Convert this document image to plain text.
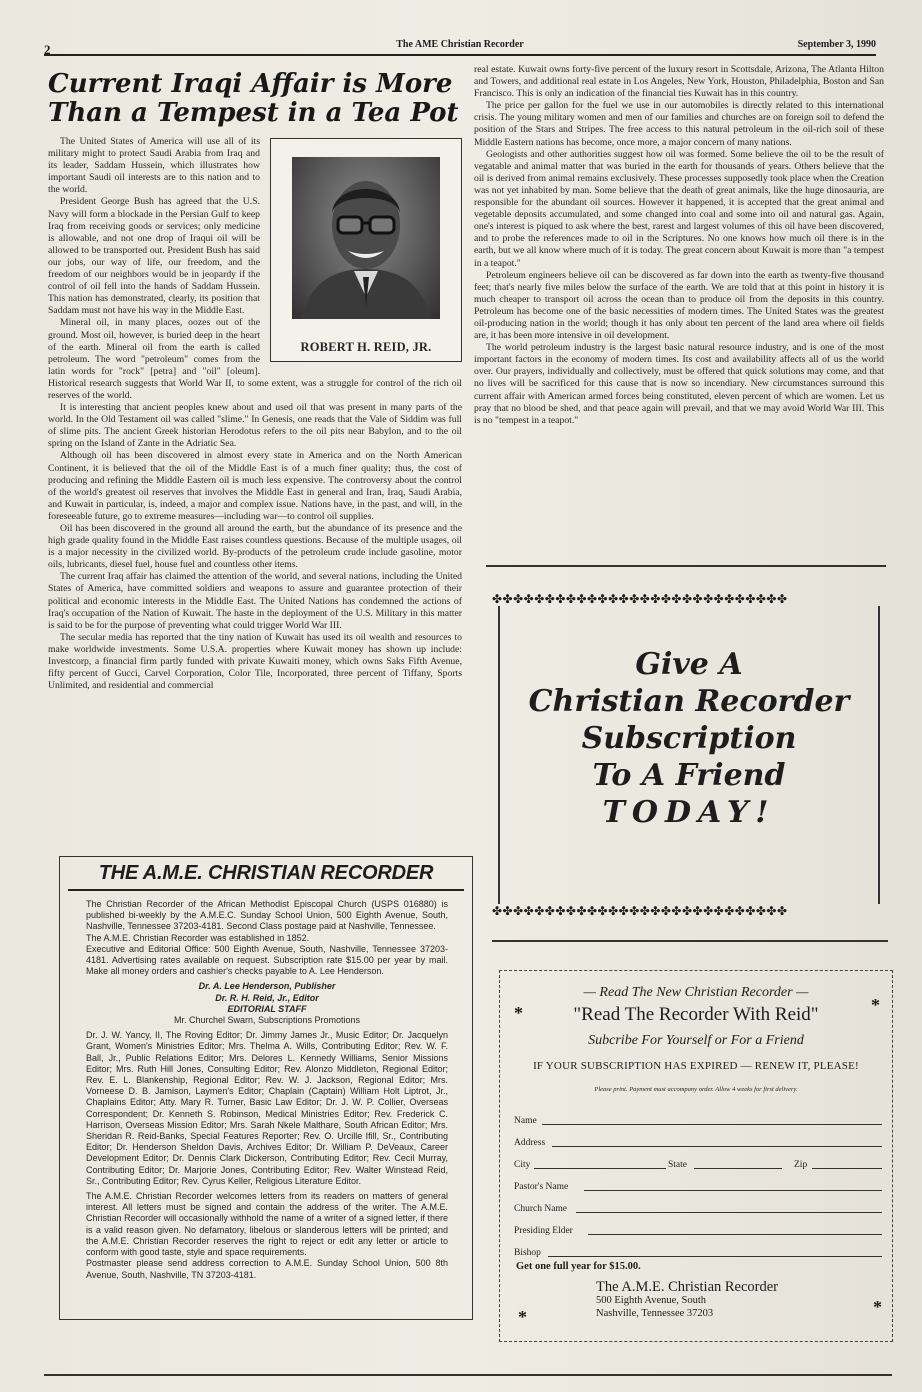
2	The AME Christian Recorder	September 3, 1990
Current Iraqi Affair is More
Than a Tempest in a Tea Pot
ROBERT H. REID, JR.

The United States of America will use all of its military might to protect Saudi Arabia from Iraq and its leader, Saddam Hussein, which illustrates how important Saudi oil interests are to this nation and to the world.

President George Bush has agreed that the U.S. Navy will form a blockade in the Persian Gulf to keep Iraq from receiving goods or services; only medicine is allowable, and not one drop of Iraqui oil will be allowed to be transported out. President Bush has said our jobs, our way of life, our freedom, and the freedom of our neighbors would be in jeopardy if the control of oil fell into the hands of Saddam Hussein. This nation has demonstrated, clearly, its position that Saddam must not have his way in the Middle East.

Mineral oil, in many places, oozes out of the ground. Most oil, however, is buried deep in the heart of the earth. Mineral oil from the earth is called petroleum. The word "petroleum" comes from the latin words for "rock" [petra] and "oil" [oleum]. Historical research suggests that World War II, to some extent, was a struggle for control of the rich oil reserves of the world.

It is interesting that ancient peoples knew about and used oil that was present in many parts of the world. In the Old Testament oil was called "slime." In Genesis, one reads that the Vale of Siddim was full of slime pits. The ancient Greek historian Herodotus refers to the oil pits near Babylon, and to the oil spring on the Island of Zante in the Adriatic Sea.

Although oil has been discovered in almost every state in America and on the North American Continent, it is believed that the oil of the Middle East is of a much finer quality; thus, the cost of producing and refining the Middle Eastern oil is much less expensive. The controversy about the control of the world's greatest oil reserves that involves the Middle East in general and Iran, Iraq, Saudi Arabia, and Kuwait in particular, is, indeed, a major and complex issue. Nations have, in the past, and will, in the foreseeable future, go to extreme measures—including war—to control oil supplies.

Oil has been discovered in the ground all around the earth, but the abundance of its presence and the high grade quality found in the Middle East raises countless questions. Because of the multiple usages, oil is a major necessity in the civilized world. By-products of the petroleum crude include gasoline, motor oils, lubricants, diesel fuel, house fuel and countless other items.

The current Iraq affair has claimed the attention of the world, and several nations, including the United States of America, have committed soldiers and weapons to assure and guarantee protection of their political and economic interests in the Middle East. The United Nations has condemned the actions of Iraq's occupation of the Nation of Kuwait. The haste in the deployment of the U.S. Military in this matter is said to be for the purpose of preventing what could trigger World War III.

The secular media has reported that the tiny nation of Kuwait has used its oil wealth and resources to make worldwide investments. Some U.S.A. properties where Kuwait money has shown up include: Investcorp, a financial firm partly funded with private Kuwaiti money, which owns Saks Fifth Avenue, fifty percent of Gucci, Carvel Corporation, Color Tile, Incorporated, three percent of Tiffany, Sports Unlimited, and residential and commercial

real estate. Kuwait owns forty-five percent of the luxury resort in Scottsdale, Arizona, The Atlanta Hilton and Towers, and additional real estate in Los Angeles, New York, Houston, Philadelphia, Boston and San Francisco. This is only an indication of the financial ties Kuwait has in this country.

The price per gallon for the fuel we use in our automobiles is directly related to this international crisis. The young military women and men of our families and churches are on foreign soil to defend the position of the Stars and Stripes. The free access to this natural petroleum in the oil-rich soil of these Middle Eastern nations has become, once more, a major concern of many nations.

Geologists and other authorities suggest how oil was formed. Some believe the oil to be the result of vegatable and animal matter that was buried in the earth for thousands of years. Others believe that the oil is derived from animal remains exclusively. These processes supposedly took place when the Creation was not yet inhabited by man. Some believe that the death of great animals, like the huge dinosauria, are responsible for the abundant oil sources. However it happened, it is accepted that the great animal and vegetable deposits accumulated, and some changed into coal and some into oil and natural gas. Again, one's interest is piqued to ask where the best, rarest and largest volumes of this oil have been discovered, and to probe the references made to oil in the Scriptures. No one knows how much oil there is in the earth, but we all know where much of it is today. The great concern about Kuwait is more than "a tempest in a teapot."

Petroleum engineers believe oil can be discovered as far down into the earth as twenty-five thousand feet; that's nearly five miles below the surface of the earth. We are told that at this point in history it is much cheaper to transport oil across the ocean than to produce oil from the deposits in this country. Petroleum has become one of the basic necessities of modern times. The United States was the greatest oil-producing nation in the world; though it has only about ten percent of the land area where oil fields are, it has been more intensive in oil development.

The world petroleum industry is the largest basic natural resource industry, and is one of the most important factors in the economy of modern times. Its cost and availability affects all of us the world over. Our prayers, individually and collectively, must be offered that quick solutions may come, and that no lives will be sacrificed for this cause that is now so incendiary. New circumstances surround this current affair with American armed forces being constituted, eleven percent of which are women. Let us pray that no blood be shed, and that peace again will prevail, and that we may avoid World War III. This is no "tempest in a teapot."

✤✤✤✤✤✤✤✤✤✤✤✤✤✤✤✤✤✤✤✤✤✤✤✤✤✤✤✤
Give A
Christian Recorder
Subscription
To A Friend
TODAY!
✤✤✤✤✤✤✤✤✤✤✤✤✤✤✤✤✤✤✤✤✤✤✤✤✤✤✤✤
*	*
*	*
— Read The New Christian Recorder —
"Read The Recorder With Reid"
Subcribe For Yourself or For a Friend
IF YOUR SUBSCRIPTION HAS EXPIRED — RENEW IT, PLEASE!
Please print. Payment must accompany order. Allow 4 weeks for first delivery.
Name
Address
City	State	Zip
Pastor's Name
Church Name
Presiding Elder
Bishop
Get one full year for $15.00.
The A.M.E. Christian Recorder
500 Eighth Avenue, South
Nashville, Tennessee 37203
THE A.M.E. CHRISTIAN RECORDER

The Christian Recorder of the African Methodist Episcopal Church (USPS 016880) is published bi-weekly by the A.M.E.C. Sunday School Union, 500 Eighth Avenue, South, Nashville, Tennessee 37203-4181. Second Class postage paid at Nashville, Tennessee.

The A.M.E. Christian Recorder was established in 1852.

Executive and Editorial Office: 500 Eighth Avenue, South, Nashville, Tennessee 37203-4181. Advertising rates available on request. Subscription rate $15.00 per year by mail. Make all money orders and cashier's checks payable to A. Lee Henderson.

Dr. A. Lee Henderson, Publisher

Dr. R. H. Reid, Jr., Editor

EDITORIAL STAFF

Mr. Churchel Swarn, Subscriptions Promotions

Dr. J. W. Yancy, II, The Roving Editor; Dr. Jimmy James Jr., Music Editor; Dr. Jacquelyn Grant, Women's Ministries Editor; Mrs. Thelma A. Wills, Contributing Editor; Rev. W. F. Ball, Jr., Public Relations Editor; Mrs. Delores L. Kennedy Williams, Senior Missions Editor; Mrs. Ruth Hill Jones, Consulting Editor; Rev. Alonzo Middleton, Regional Editor; Rev. E. L. Blankenship, Regional Editor; Rev. W. J. Jackson, Regional Editor; Mrs. Vorneese D. B. Jamison, Laymen's Editor; Chaplain (Captain) William Holt Liptrot, Jr., Chaplains Editor; Atty. Mary R. Turner, Basic Law Editor; Dr. J. W. P. Collier, Overseas Correspondent; Dr. Kenneth S. Robinson, Medical Ministries Editor; Rev. Frederick C. Harrison, Overseas Mission Editor; Mrs. Sarah Nkele Malthare, South African Editor; Mrs. Sheridan R. Reid-Banks, Special Features Reporter; Rev. O. Urcille Ifill, Sr., Contributing Editor; Dr. Henderson Sheldon Davis, Archives Editor; Dr. William P. DeVeaux, Career Development Editor; Dr. Dennis Clark Dickerson, Contributing Editor; Rev. Cecil Murray, Contributing Editor; Dr. Marjorie Jones, Contributing Editor; Rev. Walter Winstead Reid, Sr., Contributing Editor; Rev. Cyrus Keller, Religious Literature Editor.

The A.M.E. Christian Recorder welcomes letters from its readers on matters of general interest. All letters must be signed and contain the address of the writer. The A.M.E. Christian Recorder will occasionally withhold the name of a writer of a signed letter, if there is a valid reason given. No defamatory, libelous or slanderous letters will be printed; and the A.M.E. Christian Recorder reserves the right to reject or edit any letter or article to conform with good taste, style and space requirements.

Postmaster please send address correction to A.M.E. Sunday School Union, 500 8th Avenue, South, Nashville, TN 37203-4181.
